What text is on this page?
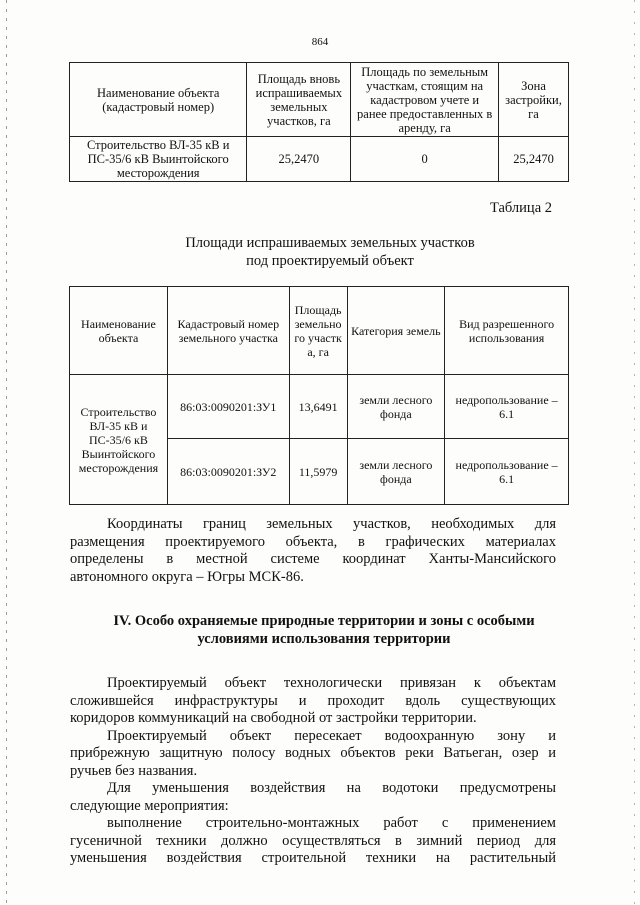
864
Наименование объекта (кадастровый номер)	Площадь вновь испрашиваемых земельных участков, га	Площадь по земельным участкам, стоящим на кадастровом учете и ранее предоставленных в аренду, га	Зона застройки, га
Строительство ВЛ-35 кВ и ПС-35/6 кВ Выинтойского месторождения	25,2470	0	25,2470
Таблица 2
Площади испрашиваемых земельных участков
под проектируемый объект
Наименование объекта	Кадастровый номер земельного участка	Площадь земельного участка, га	Категория земель	Вид разрешенного использования
Строительство ВЛ-35 кВ и ПС-35/6 кВ Выинтойского месторождения	86:03:0090201:ЗУ1	13,6491	земли лесного фонда	недропользование – 6.1
	86:03:0090201:ЗУ2	11,5979	земли лесного фонда	недропользование – 6.1
Координаты границ земельных участков, необходимых для
размещения проектируемого объекта, в графических материалах
определены в местной системе координат Ханты-Мансийского
автономного округа – Югры МСК-86.
IV. Особо охраняемые природные территории и зоны с особыми
условиями использования территории
Проектируемый объект технологически привязан к объектам
сложившейся инфраструктуры и проходит вдоль существующих
коридоров коммуникаций на свободной от застройки территории.
Проектируемый объект пересекает водоохранную зону и
прибрежную защитную полосу водных объектов реки Ватьеган, озер и
ручьев без названия.
Для уменьшения воздействия на водотоки предусмотрены
следующие мероприятия:
выполнение строительно-монтажных работ с применением
гусеничной техники должно осуществляться в зимний период для
уменьшения воздействия строительной техники на растительный
